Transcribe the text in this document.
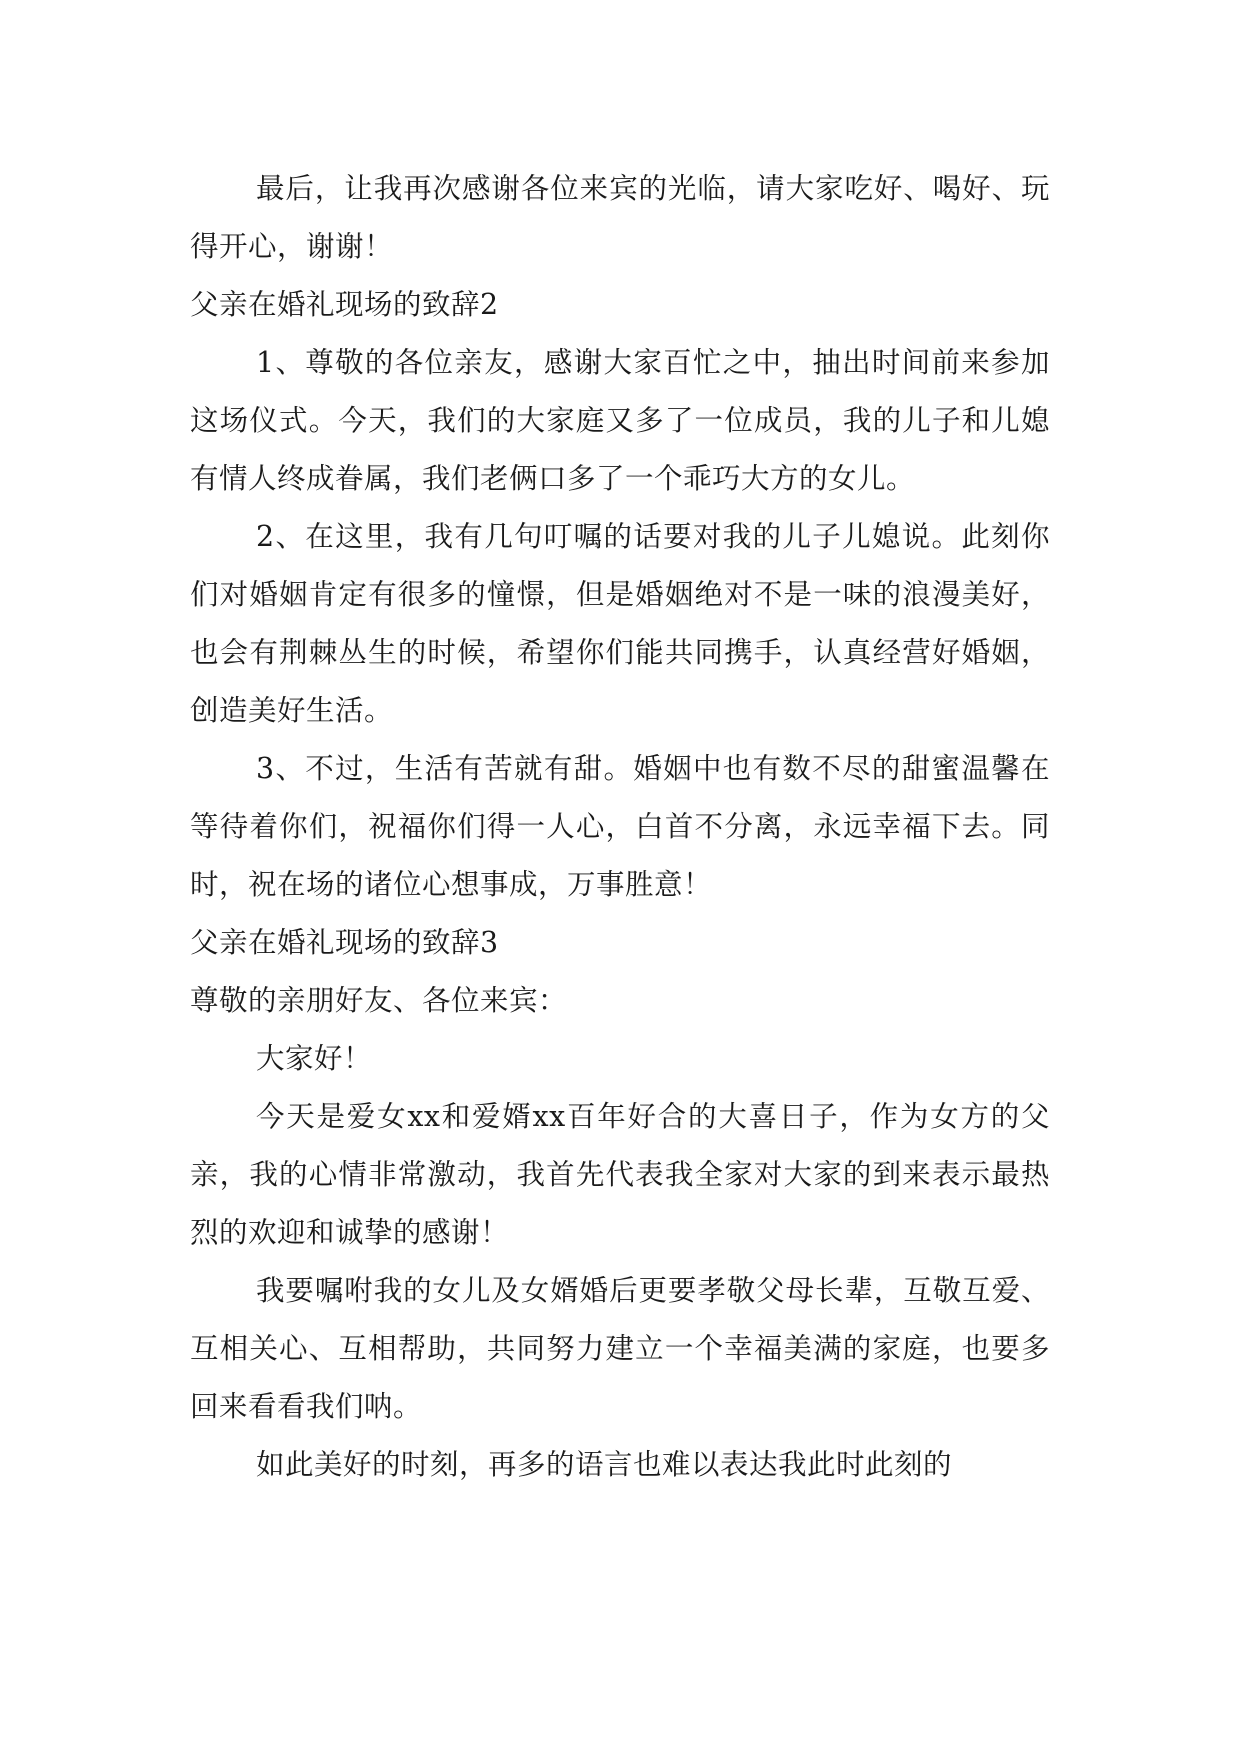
最后，让我再次感谢各位来宾的光临，请大家吃好、喝好、玩得开心，谢谢！

父亲在婚礼现场的致辞2

1、尊敬的各位亲友，感谢大家百忙之中，抽出时间前来参加这场仪式。今天，我们的大家庭又多了一位成员，我的儿子和儿媳有情人终成眷属，我们老俩口多了一个乖巧大方的女儿。

2、在这里，我有几句叮嘱的话要对我的儿子儿媳说。此刻你们对婚姻肯定有很多的憧憬，但是婚姻绝对不是一味的浪漫美好，也会有荆棘丛生的时候，希望你们能共同携手，认真经营好婚姻，创造美好生活。

3、不过，生活有苦就有甜。婚姻中也有数不尽的甜蜜温馨在等待着你们，祝福你们得一人心，白首不分离，永远幸福下去。同时，祝在场的诸位心想事成，万事胜意！

父亲在婚礼现场的致辞3

尊敬的亲朋好友、各位来宾：

大家好！

今天是爱女xx和爱婿xx百年好合的大喜日子，作为女方的父亲，我的心情非常激动，我首先代表我全家对大家的到来表示最热烈的欢迎和诚挚的感谢！

我要嘱咐我的女儿及女婿婚后更要孝敬父母长辈，互敬互爱、互相关心、互相帮助，共同努力建立一个幸福美满的家庭，也要多回来看看我们呐。

如此美好的时刻，再多的语言也难以表达我此时此刻的
